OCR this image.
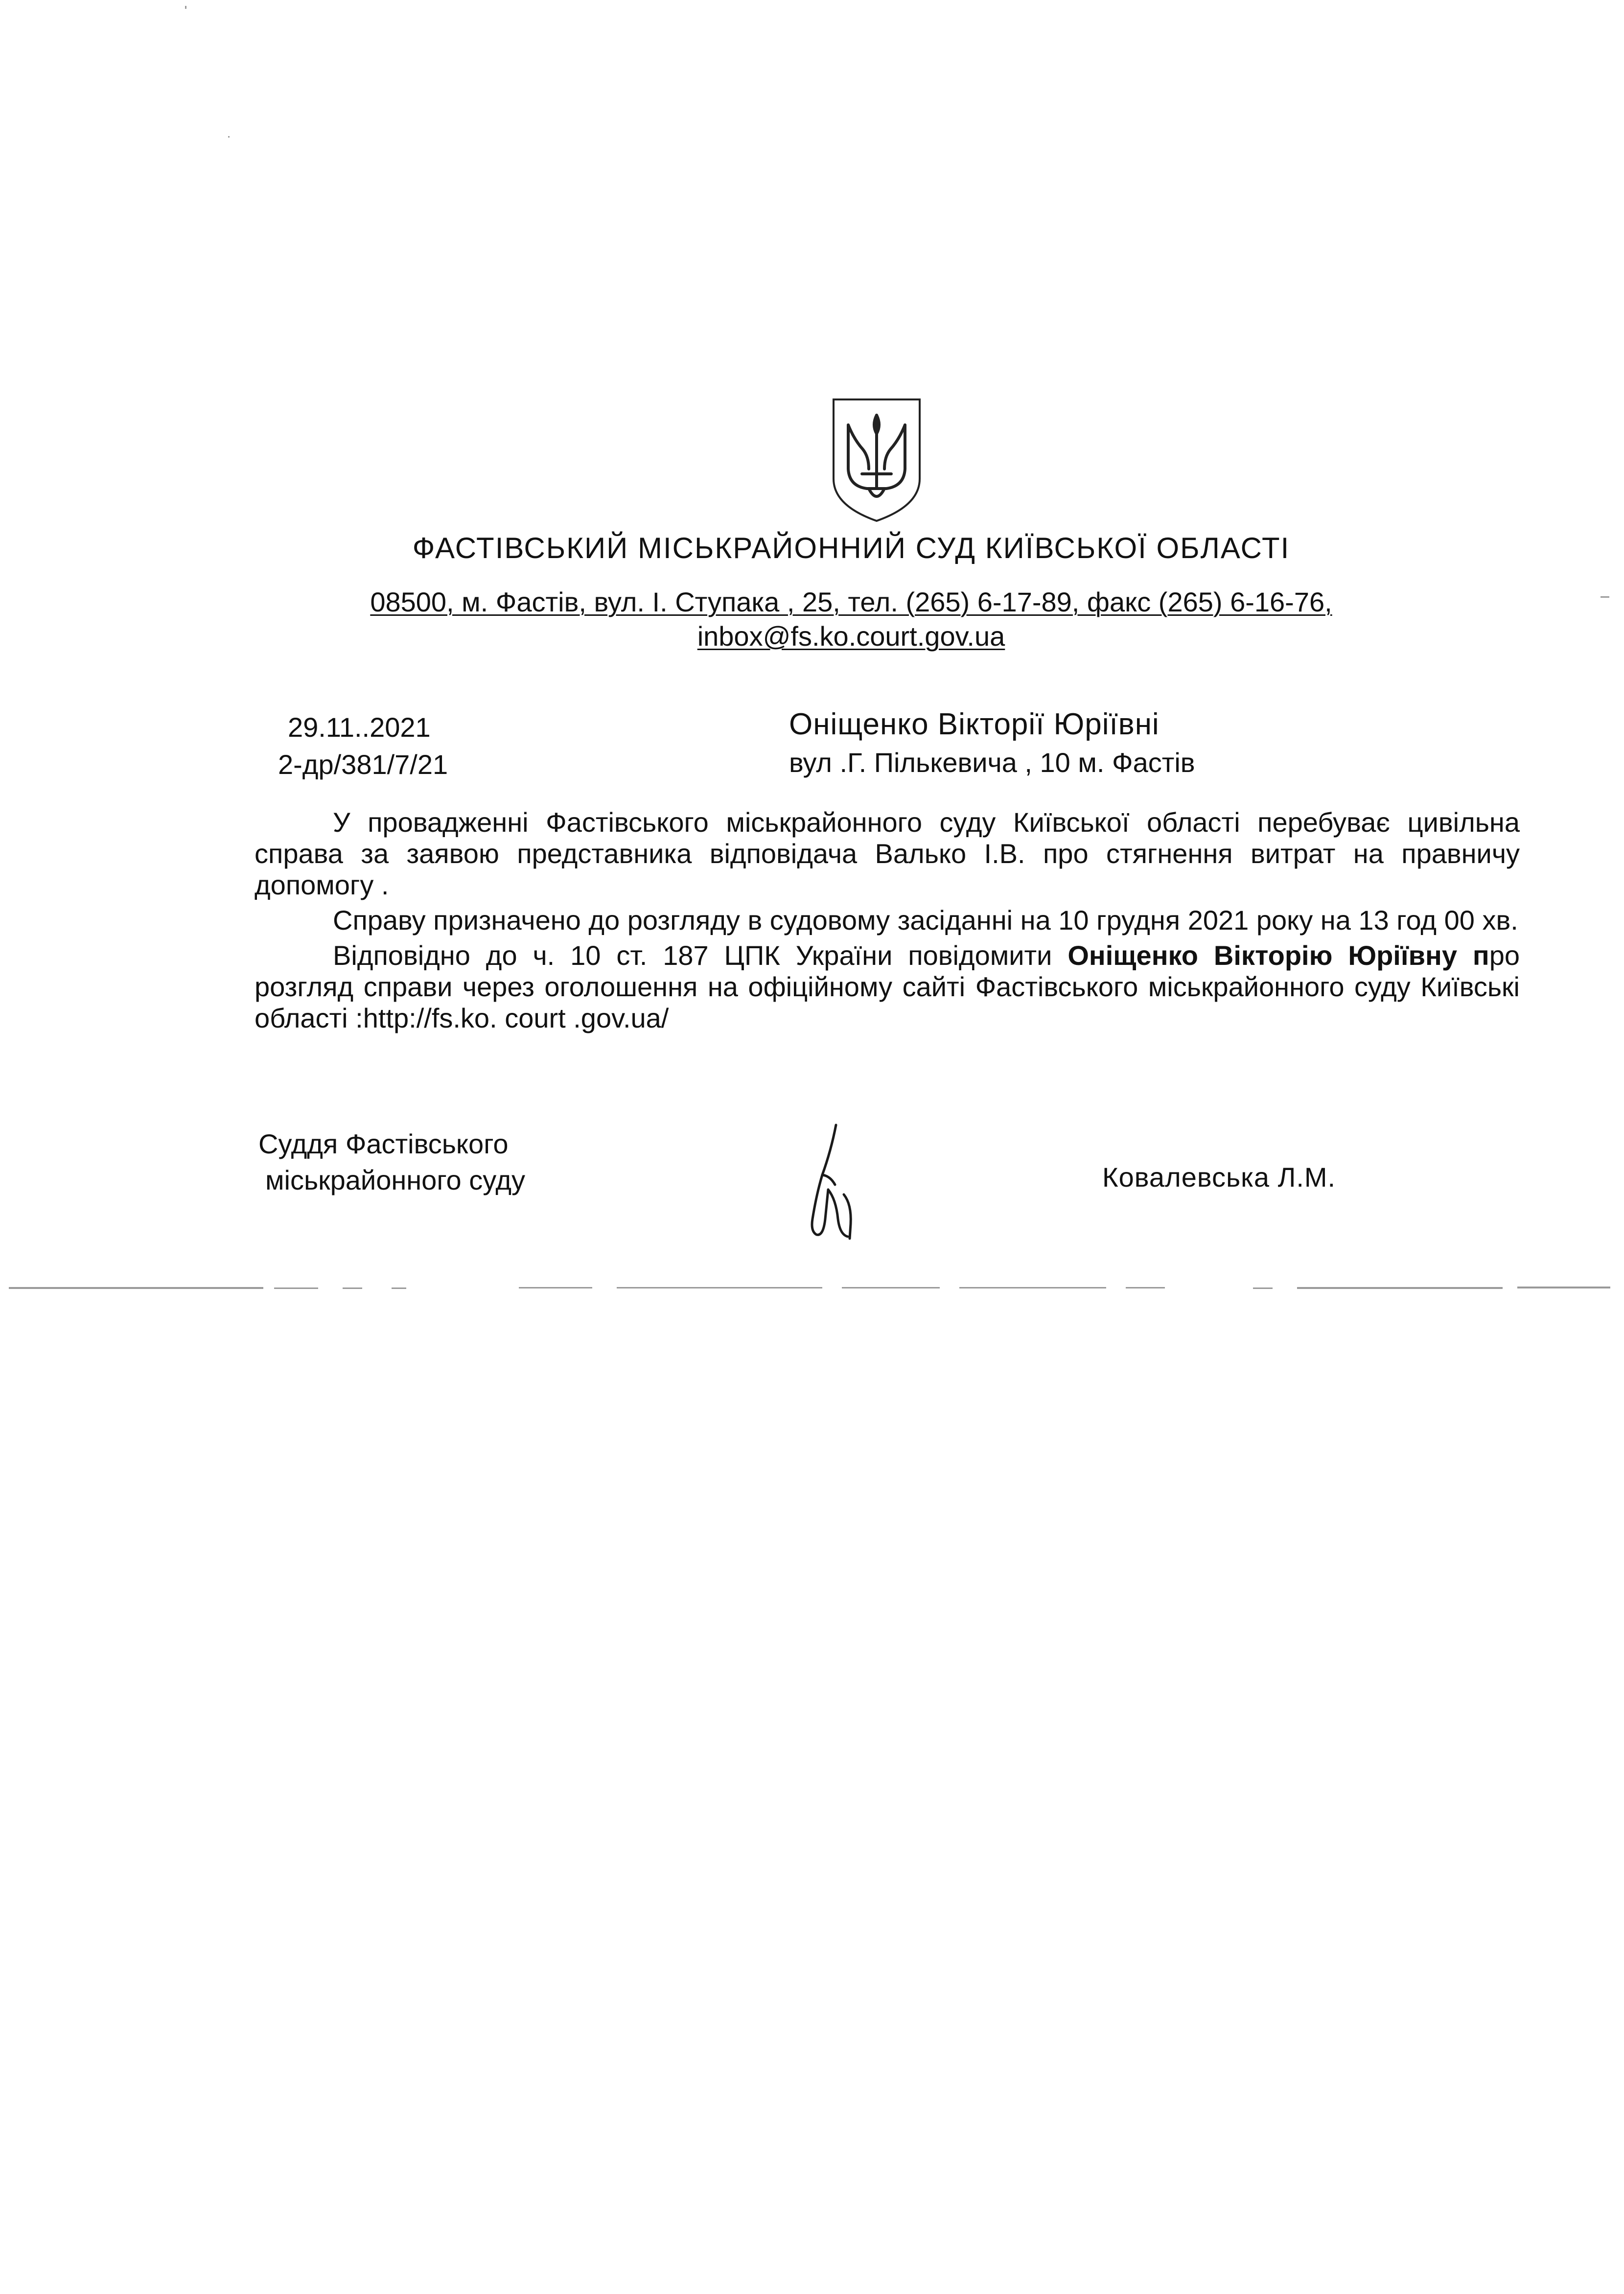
ФАСТІВСЬКИЙ МІСЬКРАЙОННИЙ СУД КИЇВСЬКОЇ ОБЛАСТІ
08500, м. Фастів, вул. І. Ступака , 25, тел. (265) 6-17-89, факс (265) 6-16-76,
inbox@fs.ko.court.gov.ua
29.11..2021
2-др/381/7/21
Оніщенко Вікторії Юріївні
вул .Г. Пількевича , 10 м. Фастів

У провадженні Фастівського міськрайонного суду Київської області перебуває цивільна справа за заявою представника відповідача Валько І.В. про стягнення витрат на правничу допомогу .

Справу призначено до розгляду в судовому засіданні на 10 грудня 2021 року на 13 год 00 хв.

Відповідно до ч. 10 ст. 187 ЦПК України повідомити Оніщенко Вікторію Юріївну про розгляд справи через оголошення на офіційному сайті Фастівського міськрайонного суду Київські області :http://fs.ko. court .gov.ua/

Суддя Фастівського
міськрайонного суду	Ковалевська Л.М.
